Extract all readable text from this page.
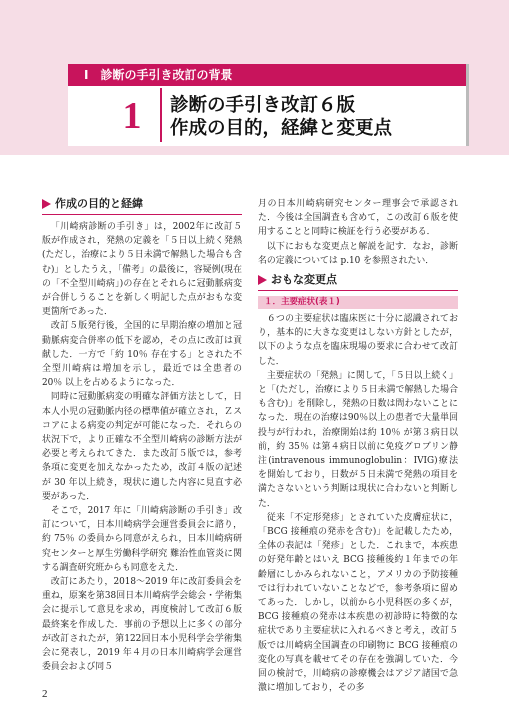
Ⅰ　診断の手引き改訂の背景
1	診断の手引き改訂６版
作成の目的，経緯と変更点
作成の目的と経緯

「川崎病診断の手引き」は，2002年に改訂５版が作成され，発熱の定義を「５日以上続く発熱(ただし，治療により５日未満で解熱した場合も含む)」としたうえ，「備考」の最後に，容疑例(現在の「不全型川崎病」)の存在とそれらに冠動脈病変が合併しうることを新しく明記した点がおもな変更箇所であった．

改訂５版発行後，全国的に早期治療の増加と冠動脈病変合併率の低下を認め，その点に改訂は貢献した．一方で「約 10％ 存在する」とされた不全型川崎病は増加を示し，最近では全患者の 20％ 以上を占めるようになった．

同時に冠動脈病変の明確な評価方法として，日本人小児の冠動脈内径の標準値が確立され，Ｚスコアによる病変の判定が可能になった．それらの状況下で，より正確な不全型川崎病の診断方法が必要と考えられてきた．また改訂５版では，参考条項に変更を加えなかったため，改訂４版の記述が 30 年以上続き，現状に適した内容に見直す必要があった．

そこで，2017 年に「川崎病診断の手引き」改訂について，日本川崎病学会運営委員会に諮り，約 75％ の委員から同意がえられ，日本川崎病研究センターと厚生労働科学研究 難治性血管炎に関する調査研究班からも同意をえた．

改訂にあたり，2018〜2019 年に改訂委員会を重ね，原案を第38回日本川崎病学会総会・学術集会に提示して意見を求め，再度検討して改訂６版最終案を作成した．事前の予想以上に多くの部分が改訂されたが，第122回日本小児科学会学術集会に発表し，2019 年４月の日本川崎病学会運営委員会および同５

月の日本川崎病研究センター理事会で承認された．今後は全国調査も含めて，この改訂６版を使用することと同時に検証を行う必要がある．

以下におもな変更点と解説を記す．なお，診断名の定義については p.10 を参照されたい．

おもな変更点
１．主要症状(表１)

６つの主要症状は臨床医に十分に認識されており，基本的に大きな変更はしない方針としたが，以下のような点を臨床現場の要求に合わせて改訂した．

主要症状の「発熱」に関して，「５日以上続く」と「(ただし，治療により５日未満で解熱した場合も含む)」を削除し，発熱の日数は問わないことになった．現在の治療は90％以上の患者で大量単回投与が行われ，治療開始は約 10％ が第３病日以前，約 35％ は第４病日以前に免疫グロブリン静注(intravenous immunoglobulin：IVIG)療法を開始しており，日数が５日未満で発熱の項目を満たさないという判断は現状に合わないと判断した．

従来「不定形発疹」とされていた皮膚症状に，「BCG 接種痕の発赤を含む)」を記載したため，全体の表記は「発疹」とした．これまで，本疾患の好発年齢とはいえ BCG 接種後約１年までの年齢層にしかみられないこと，アメリカの予防接種では行われていないことなどで，参考条項に留めてあった．しかし，以前から小児科医の多くが，BCG 接種痕の発赤は本疾患の初診時に特徴的な症状であり主要症状に入れるべきと考え，改訂５版では川崎病全国調査の印刷物に BCG 接種痕の変化の写真を載せてその存在を強調していた．今回の検討で，川崎病の診療機会はアジア諸国で急激に増加しており，その多

2
